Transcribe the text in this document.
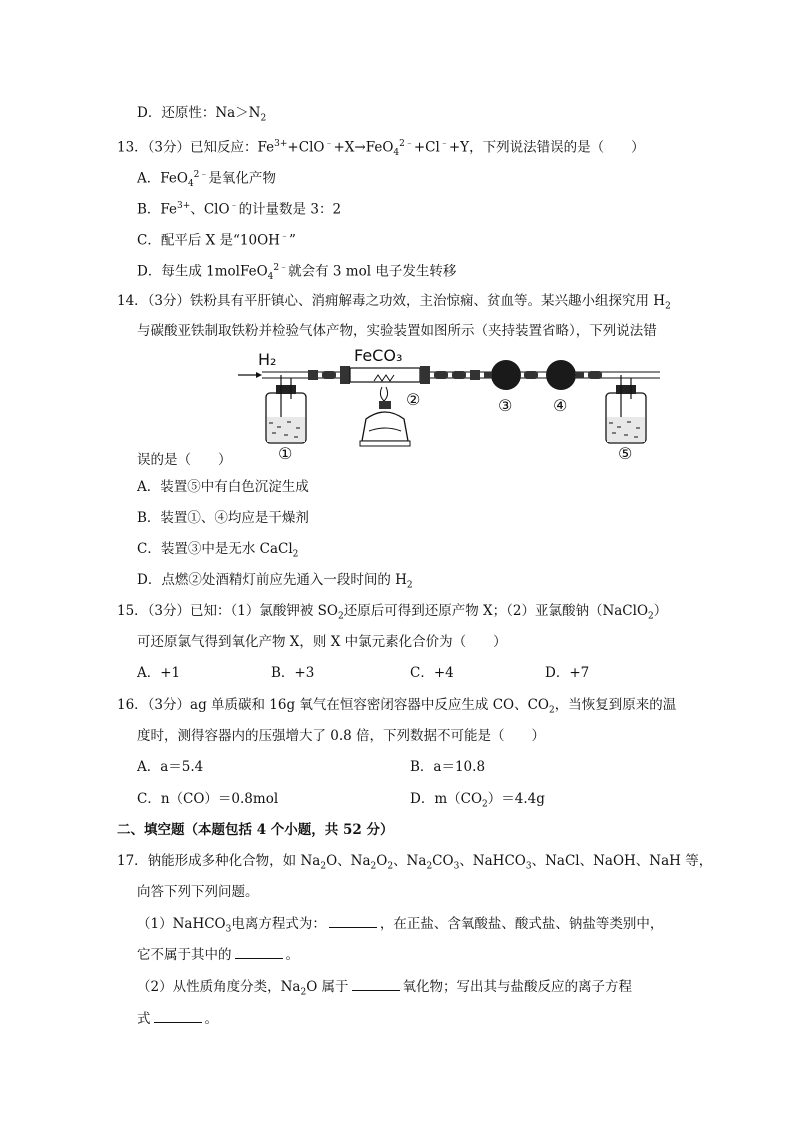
D．还原性：$Na>N_2$
13．（3分）已知反应：$Fe^{3+}+ClO^﹣+X\to FeO_4^{2﹣}+Cl^﹣+Y$，下列说法错误的是（　　）
A．FeO$_4^{2﹣}$是氧化产物
B．$Fe^{3+}$、ClO﹣的计量数是 3：2
C．配平后 X 是“10OH﹣”
D．每生成 1molFeO$_4^{2﹣}$就会有 3 mol 电子发生转移
14．（3分）铁粉具有平肝镇心、消痈解毒之功效，主治惊痫、贫血等。某兴趣小组探究用 $H_2$
与碳酸亚铁制取铁粉并检验气体产物，实验装置如图所示（夹持装置省略），下列说法错
H₂
①
FeCO₃
②	③	④
⑤
误的是（　　）
A．装置⑤中有白色沉淀生成
B．装置①、④均应是干燥剂
C．装置③中是无水 CaCl$_2$
D．点燃②处酒精灯前应先通入一段时间的 $H_2$
15．（3分）已知：（1）氯酸钾被 $SO_2$还原后可得到还原产物 X；（2）亚氯酸钠（NaClO$_2$）
可还原氯气得到氧化产物 X，则 X 中氯元素化合价为（　　）
A．+1	B．+3	C．+4	D．+7
16．（3分）ag 单质碳和 16g 氧气在恒容密闭容器中反应生成 CO、$CO_2$，当恢复到原来的温
度时，测得容器内的压强增大了 0.8 倍，下列数据不可能是（　　）
A．a＝5.4	B．a＝10.8
C．n（CO）＝0.8mol	D．$m(CO_2)=4.4g$
二、填空题（本题包括 4 个小题，共 52 分）
17．钠能形成多种化合物，如 $Na_2O$、$Na_2O_2$、$Na_2CO_3$、NaHCO$_3$、NaCl、NaOH、NaH 等，
向答下列下列问题。
（1）NaHCO$_3$电离方程式为：	，在正盐、含氧酸盐、酸式盐、钠盐等类别中，
它不属于其中的	。
（2）从性质角度分类，$Na_2O$ 属于	氧化物；写出其与盐酸反应的离子方程
式	。
